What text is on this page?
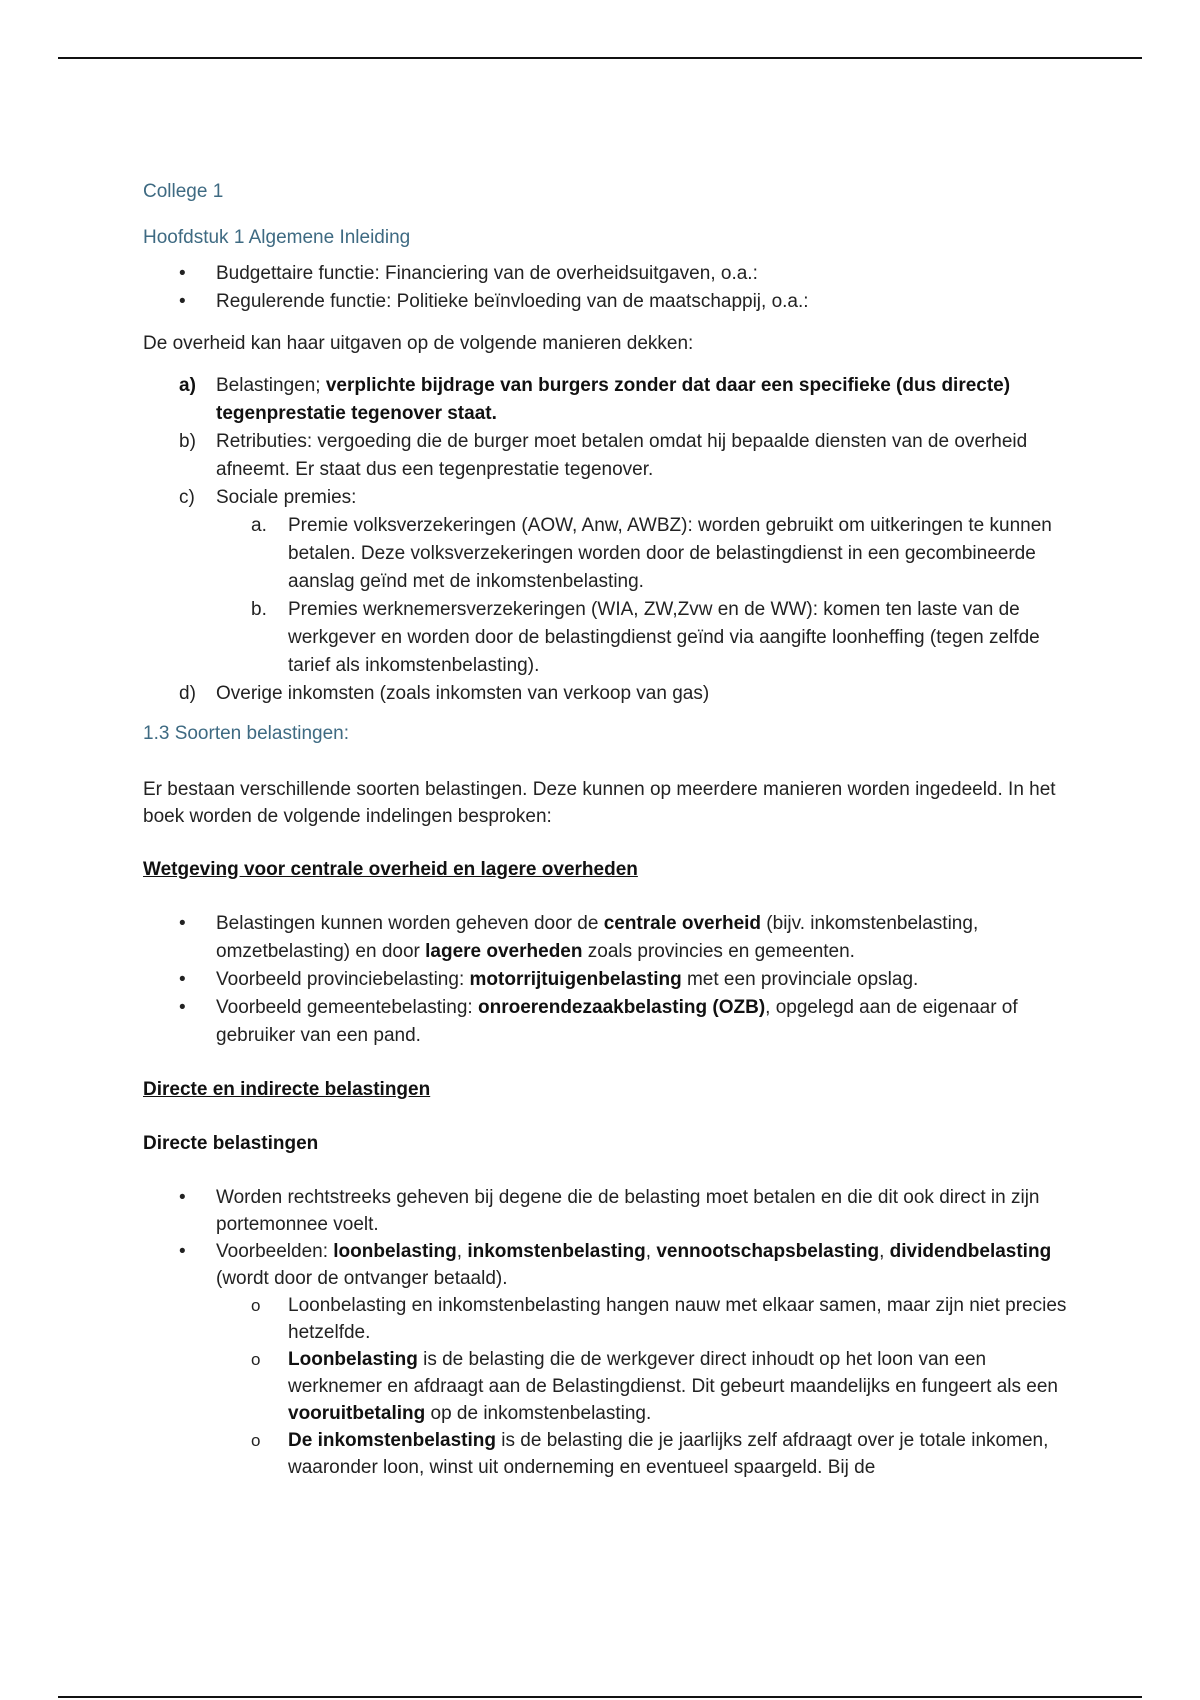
College 1

Hoofdstuk 1 Algemene Inleiding

• Budgettaire functie: Financiering van de overheidsuitgaven, o.a.:
• Regulerende functie: Politieke beïnvloeding van de maatschappij, o.a.:

De overheid kan haar uitgaven op de volgende manieren dekken:

a) Belastingen; verplichte bijdrage van burgers zonder dat daar een specifieke (dus directe) tegenprestatie tegenover staat.
b) Retributies: vergoeding die de burger moet betalen omdat hij bepaalde diensten van de overheid afneemt. Er staat dus een tegenprestatie tegenover.
c) Sociale premies:
a. Premie volksverzekeringen (AOW, Anw, AWBZ): worden gebruikt om uitkeringen te kunnen betalen. Deze volksverzekeringen worden door de belastingdienst in een gecombineerde aanslag geïnd met de inkomstenbelasting.
b. Premies werknemersverzekeringen (WIA, ZW,Zvw en de WW): komen ten laste van de werkgever en worden door de belastingdienst geïnd via aangifte loonheffing (tegen zelfde tarief als inkomstenbelasting).
d) Overige inkomsten (zoals inkomsten van verkoop van gas)

1.3 Soorten belastingen:

Er bestaan verschillende soorten belastingen. Deze kunnen op meerdere manieren worden ingedeeld. In het boek worden de volgende indelingen besproken:

Wetgeving voor centrale overheid en lagere overheden

• Belastingen kunnen worden geheven door de centrale overheid (bijv. inkomstenbelasting, omzetbelasting) en door lagere overheden zoals provincies en gemeenten.
• Voorbeeld provinciebelasting: motorrijtuigenbelasting met een provinciale opslag.
• Voorbeeld gemeentebelasting: onroerendezaakbelasting (OZB), opgelegd aan de eigenaar of gebruiker van een pand.

Directe en indirecte belastingen

Directe belastingen

• Worden rechtstreeks geheven bij degene die de belasting moet betalen en die dit ook direct in zijn portemonnee voelt.
• Voorbeelden: loonbelasting, inkomstenbelasting, vennootschapsbelasting, dividendbelasting (wordt door de ontvanger betaald).
o Loonbelasting en inkomstenbelasting hangen nauw met elkaar samen, maar zijn niet precies hetzelfde.
o Loonbelasting is de belasting die de werkgever direct inhoudt op het loon van een werknemer en afdraagt aan de Belastingdienst. Dit gebeurt maandelijks en fungeert als een vooruitbetaling op de inkomstenbelasting.
o De inkomstenbelasting is de belasting die je jaarlijks zelf afdraagt over je totale inkomen, waaronder loon, winst uit onderneming en eventueel spaargeld. Bij de
